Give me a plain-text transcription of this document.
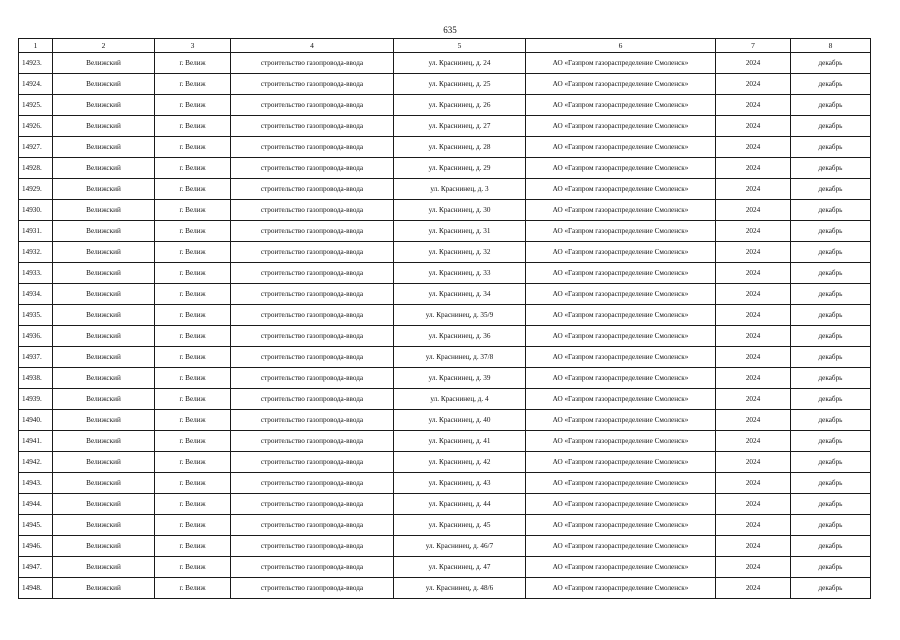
635
1	2	3	4	5	6	7	8
14923.	Велижский	г. Велиж	строительство газопровода-ввода	ул. Краснинец, д. 24	АО «Газпром газораспределение Смоленск»	2024	декабрь
14924.	Велижский	г. Велиж	строительство газопровода-ввода	ул. Краснинец, д. 25	АО «Газпром газораспределение Смоленск»	2024	декабрь
14925.	Велижский	г. Велиж	строительство газопровода-ввода	ул. Краснинец, д. 26	АО «Газпром газораспределение Смоленск»	2024	декабрь
14926.	Велижский	г. Велиж	строительство газопровода-ввода	ул. Краснинец, д. 27	АО «Газпром газораспределение Смоленск»	2024	декабрь
14927.	Велижский	г. Велиж	строительство газопровода-ввода	ул. Краснинец, д. 28	АО «Газпром газораспределение Смоленск»	2024	декабрь
14928.	Велижский	г. Велиж	строительство газопровода-ввода	ул. Краснинец, д. 29	АО «Газпром газораспределение Смоленск»	2024	декабрь
14929.	Велижский	г. Велиж	строительство газопровода-ввода	ул. Краснинец, д. 3	АО «Газпром газораспределение Смоленск»	2024	декабрь
14930.	Велижский	г. Велиж	строительство газопровода-ввода	ул. Краснинец, д. 30	АО «Газпром газораспределение Смоленск»	2024	декабрь
14931.	Велижский	г. Велиж	строительство газопровода-ввода	ул. Краснинец, д. 31	АО «Газпром газораспределение Смоленск»	2024	декабрь
14932.	Велижский	г. Велиж	строительство газопровода-ввода	ул. Краснинец, д. 32	АО «Газпром газораспределение Смоленск»	2024	декабрь
14933.	Велижский	г. Велиж	строительство газопровода-ввода	ул. Краснинец, д. 33	АО «Газпром газораспределение Смоленск»	2024	декабрь
14934.	Велижский	г. Велиж	строительство газопровода-ввода	ул. Краснинец, д. 34	АО «Газпром газораспределение Смоленск»	2024	декабрь
14935.	Велижский	г. Велиж	строительство газопровода-ввода	ул. Краснинец, д. 35/9	АО «Газпром газораспределение Смоленск»	2024	декабрь
14936.	Велижский	г. Велиж	строительство газопровода-ввода	ул. Краснинец, д. 36	АО «Газпром газораспределение Смоленск»	2024	декабрь
14937.	Велижский	г. Велиж	строительство газопровода-ввода	ул. Краснинец, д. 37/8	АО «Газпром газораспределение Смоленск»	2024	декабрь
14938.	Велижский	г. Велиж	строительство газопровода-ввода	ул. Краснинец, д. 39	АО «Газпром газораспределение Смоленск»	2024	декабрь
14939.	Велижский	г. Велиж	строительство газопровода-ввода	ул. Краснинец, д. 4	АО «Газпром газораспределение Смоленск»	2024	декабрь
14940.	Велижский	г. Велиж	строительство газопровода-ввода	ул. Краснинец, д. 40	АО «Газпром газораспределение Смоленск»	2024	декабрь
14941.	Велижский	г. Велиж	строительство газопровода-ввода	ул. Краснинец, д. 41	АО «Газпром газораспределение Смоленск»	2024	декабрь
14942.	Велижский	г. Велиж	строительство газопровода-ввода	ул. Краснинец, д. 42	АО «Газпром газораспределение Смоленск»	2024	декабрь
14943.	Велижский	г. Велиж	строительство газопровода-ввода	ул. Краснинец, д. 43	АО «Газпром газораспределение Смоленск»	2024	декабрь
14944.	Велижский	г. Велиж	строительство газопровода-ввода	ул. Краснинец, д. 44	АО «Газпром газораспределение Смоленск»	2024	декабрь
14945.	Велижский	г. Велиж	строительство газопровода-ввода	ул. Краснинец, д. 45	АО «Газпром газораспределение Смоленск»	2024	декабрь
14946.	Велижский	г. Велиж	строительство газопровода-ввода	ул. Краснинец, д. 46/7	АО «Газпром газораспределение Смоленск»	2024	декабрь
14947.	Велижский	г. Велиж	строительство газопровода-ввода	ул. Краснинец, д. 47	АО «Газпром газораспределение Смоленск»	2024	декабрь
14948.	Велижский	г. Велиж	строительство газопровода-ввода	ул. Краснинец, д. 48/6	АО «Газпром газораспределение Смоленск»	2024	декабрь
